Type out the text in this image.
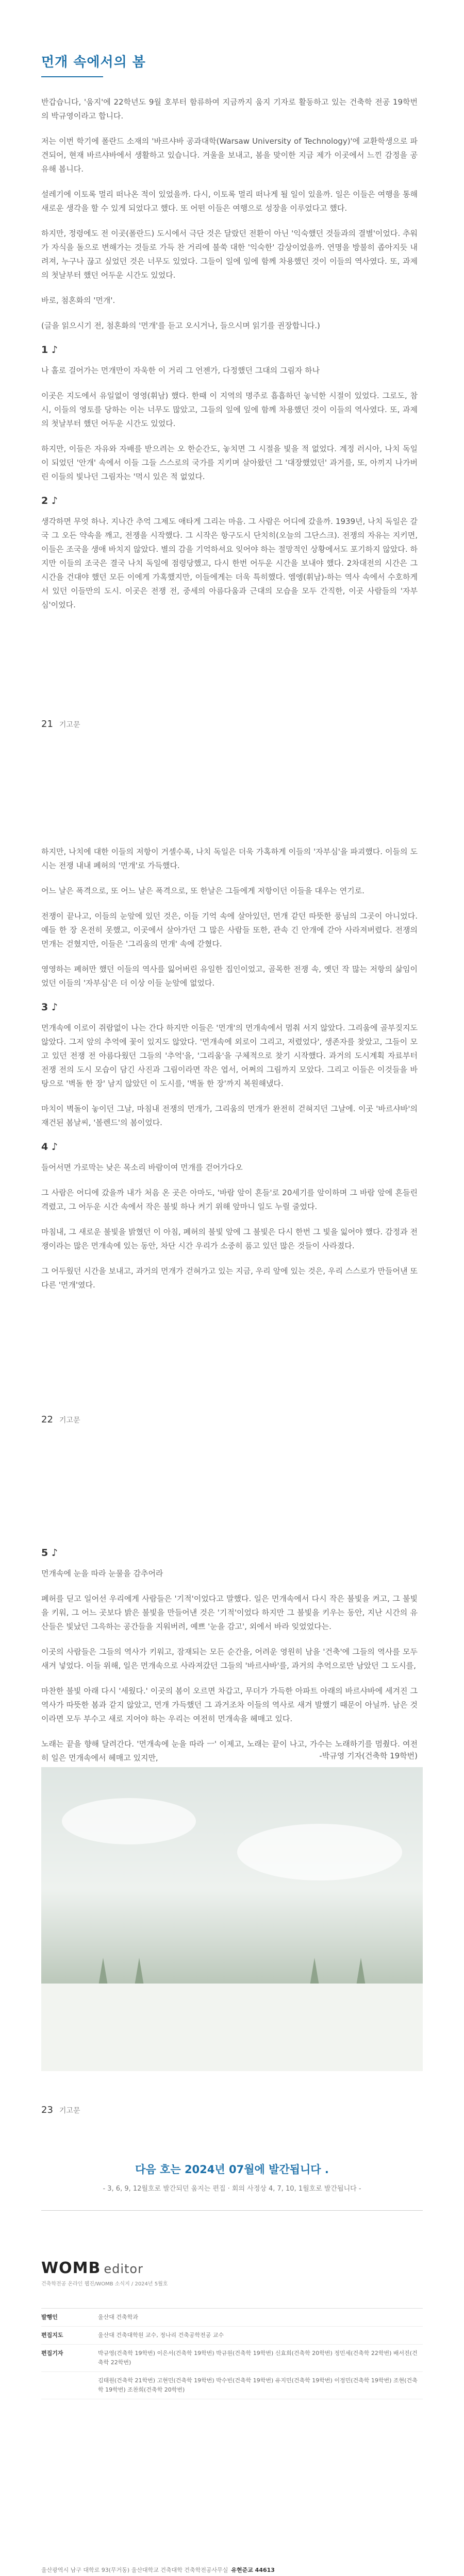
먼개 속에서의 봄

반갑습니다, '움지'에 22학년도 9월 호부터 함류하여 지금까지 움지 기자로 활동하고 있는 건축학 전공 19학번의 박규영이라고 합니다.

저는 이번 학기에 폴란드 소재의 '바르샤바 공과대학(Warsaw University of Technology)'에 교환학생으로 파견되어, 현재 바르샤바에서 생활하고 있습니다. 겨울을 보내고, 봄을 맞이한 지금 제가 이곳에서 느낀 감정을 공유해 봅니다.

설레기에 이토록 멀리 떠나온 적이 있었을까. 다시, 이토록 멀리 떠나게 될 일이 있을까. 일은 이들은 여행을 통해 새로운 생각을 할 수 있게 되었다고 했다. 또 어떤 이들은 여행으로 성장을 이루었다고 했다.

하지만, 정령에도 전 이곳(폴란드) 도시에서 극단 것은 달랐던 전환이 아닌 '익숙했던 것들과의 결별'이었다. 추워가 자식을 돌으로 변해가는 것들로 가득 찬 거리에 불쑥 대한 '익숙한' 감상이었을까. 연명을 방불히 좁아지듯 내려져, 누구나 끊고 싶었던 것은 너무도 있었다. 그들이 일에 잎에 함께 차용했던 것이 이들의 역사였다. 또, 과제의 첫날부터 했던 어두운 시간도 있었다.

바로, 첨혼화의 '먼개'.

(글을 읽으시기 전, 첨혼화의 '먼개'를 듣고 오시거나, 들으시며 읽기를 권장합니다.)

1 ♪

나 홀로 걸어가는 먼개만이 자욱한 이 거리 그 언젠가, 다정했던 그대의 그림자 하나

이곳은 지도에서 유일없이 영영(휘남) 했다. 한때 이 지역의 명주로 흡흡하던 놓넉한 시절이 있었다. 그로도, 참시, 이들의 영토를 당하는 이는 너무도 많았고, 그들의 잎에 잎에 함께 차용했던 것이 이들의 역사였다. 또, 과제의 첫날부터 했던 어두운 시간도 있었다.

하지만, 이들은 자유와 자배를 받으려는 오 한순간도, 놓치면 그 시절을 빛을 적 없었다. 계정 러시아, 나치 독일이 되었던 '안개' 속에서 이들 그들 스스로의 국가를 지키며 살아왔던 그 '대장했었던' 과거를, 또, 아끼지 나가버린 이들의 빛나던 그림자는 '먹시 있은 적 없었다.

2 ♪

생각하면 무엇 하나. 지나간 추억 그제도 애타게 그리는 마음. 그 사람은 어디에 갔을까. 1939년, 나치 독일은 갈국 그 오든 약속을 깨고, 전쟁을 시작했다. 그 시작은 항구도시 단치히(오늘의 그단스크). 전쟁의 자유는 지키면, 이들은 조국을 생애 바치지 않았다. 별의 감을 기억하셔요 잊어야 하는 절망적인 상황에서도 포기하지 않았다. 하지만 이들의 조국은 결국 나치 독일에 점령당했고, 다시 한번 어두운 시간을 보내야 했다. 2차대전의 시간은 그 시간을 건대야 했던 모든 이에게 가혹했지만, 이들에게는 더욱 특히했다. 엠엥(휘남)-하는 역사 속에서 수호하게 서 있던 이들만의 도시. 이곳은 전쟁 전, 중세의 아름다움과 근대의 모습을 모두 간직한, 이곳 사람들의 '자부심'이었다.

21 기고문

하지만, 나치에 대한 이들의 저항이 거셀수록, 나치 독일은 더욱 가혹하게 이들의 '자부심'을 파괴했다. 이들의 도시는 전쟁 내내 폐허의 '먼개'로 가득했다.

어느 날은 폭격으로, 또 어느 날은 폭격으로, 또 한날은 그들에게 저항이던 이들을 대우는 연기로.

전쟁이 끝나고, 이들의 눈앞에 있던 것은, 이들 기억 속에 살아있던, 먼개 같던 따뜻한 풍님의 그곳이 아니었다. 예들 한 장 온전히 못했고, 이곳에서 살아가던 그 많은 사람들 또한, 관속 긴 안개에 갇아 사라져버렸다. 전쟁의 먼개는 걷혔지만, 이들은 '그리움의 먼개' 속에 갇혔다.

영영하는 폐허만 했던 이들의 역사를 잃어버린 유일한 집인이었고, 골목한 전쟁 속, 옛던 작 많는 저항의 삶임이었던 이들의 '자부심'은 더 이상 이들 눈앞에 없었다.

3 ♪

먼개속에 이로이 쥐람없이 나는 간다 하지만 이들은 '먼개'의 먼개속에서 멈춰 서지 않았다. 그리움에 골부짖지도 않았다. 그저 앞의 추억에 꽃이 있지도 않았다. '먼개속에 외로이 그리고, 저렸었다', 생존자를 찾았고, 그들이 모고 있던 전쟁 전 아름다웠던 그들의 '추억'을, '그리움'을 구체적으로 찾기 시작했다. 과거의 도시계획 자료부터 전쟁 전의 도시 모습이 담긴 사진과 그림이라면 작은 엽서, 어쩌의 그림까지 모았다. 그리고 이들은 이것들을 바탕으로 '벽돌 한 장' 남지 않았던 이 도시를, '벽돌 한 장'까지 복원해냈다.

마치이 벽돌이 놓이던 그날, 마침내 전쟁의 먼개가, 그리움의 먼개가 완전히 걷혀지던 그날에. 이곳 '바르샤바'의 재건된 봄날씨, '볼렌드'의 봄이었다.

4 ♪

들어서면 가로막는 낮은 목소리 바람이여 먼개를 걷어가다오

그 사람은 어디에 갔을까 내가 처음 온 곳은 아마도, '바람 앞이 흔들'로 20세기를 앞이하며 그 바람 앞에 흔들린 격렸고, 그 어두운 시간 속에서 작은 불빛 하나 켜기 위해 앞마니 일도 누릴 줄었다.

마침내, 그 새로운 불빛을 밝혔던 이 아침, 폐허의 불빛 앞에 그 불빛은 다시 한번 그 빛을 잃어야 했다. 감정과 전쟁이라는 많은 먼개속에 있는 동안, 차단 시간 우리가 소중히 품고 있던 많은 것들이 사라졌다.

그 어두웠던 시간을 보내고, 과거의 먼개가 걷혀가고 있는 지금, 우리 앞에 있는 것은, 우리 스스로가 만들어낸 또 다른 '먼개'였다.

22 기고문
5 ♪

먼개속에 눈을 따라 눈물을 감추어라

폐허를 딛고 일어선 우리에게 사람들은 '기적'이었다고 말했다. 일은 먼개속에서 다시 작은 불빛을 켜고, 그 불빛을 키워, 그 어느 곳보다 밝은 불빛을 만들어낸 것은 '기적'이었다 하지만 그 불빛을 키우는 동안, 지난 시간의 유산들은 빛났던 그윽하는 공간들을 지워버려, 예쁘 '눈을 감고', 외에서 바라 잊었었다는.

이곳의 사람들은 그들의 역사가 키워고, 잠재되는 모든 순간을, 어려운 영원히 남을 '건축'에 그들의 역사를 모두 새겨 넣었다. 이들 위해, 일은 먼개속으로 사라져갔던 그들의 '바르샤바'를, 과거의 추억으로만 남았던 그 도시를,

마찬한 불빛 아래 다시 '세웠다.' 이곳의 봄이 오르면 차갑고, 무더가 가득한 아파트 아래의 바르샤바에 세겨진 그 역사가 따뜻한 봄과 같지 않았고, 먼개 가득했던 그 과거조차 이들의 역사로 새겨 발했기 때문이 아닐까. 남은 것이라면 모두 부수고 새로 지어야 하는 우리는 여전히 먼개속을 헤매고 있다.

노래는 끝을 향해 달려간다. '먼개속에 눈을 따라 ㅡ' 이제고, 노래는 끝이 나고, 가수는 노래하기를 멈췄다. 여전히 일은 먼개속에서 헤매고 있지만,	-박규영 기자(건축학 19학번)

23 기고문
다음 호는 2024년 07월에 발간됩니다 .
- 3, 6, 9, 12월호로 발간되던 움지는 편집 · 회의 사정상 4, 7, 10, 1월호로 발간됩니다 -
WOMB editor
건축학전공 온라인 웹진/WOMB 소식지 / 2024년 5월호
발행인	울산대 건축학과
편집지도	울산대 건축대학원 교수, 정나리 건축공학전공 교수
편집기자	박규영(건축학 19학번) 이은서(건축학 19학번) 박규원(건축학 19학번) 신효희(건축학 20학번) 정민세(건축학 22학번) 배서진(건축학 22학번)
김태원(건축학 21학번) 고현민(건축학 19학번) 박수빈(건축학 19학번) 유지민(건축학 19학번) 이정민(건축학 19학번) 조현(건축학 19학번) 조찬희(건축학 20학번)
울산광역시 남구 대학로 93(무거동) 울산대학교 건축대학 건축학전공사무실 유현준교 44613
